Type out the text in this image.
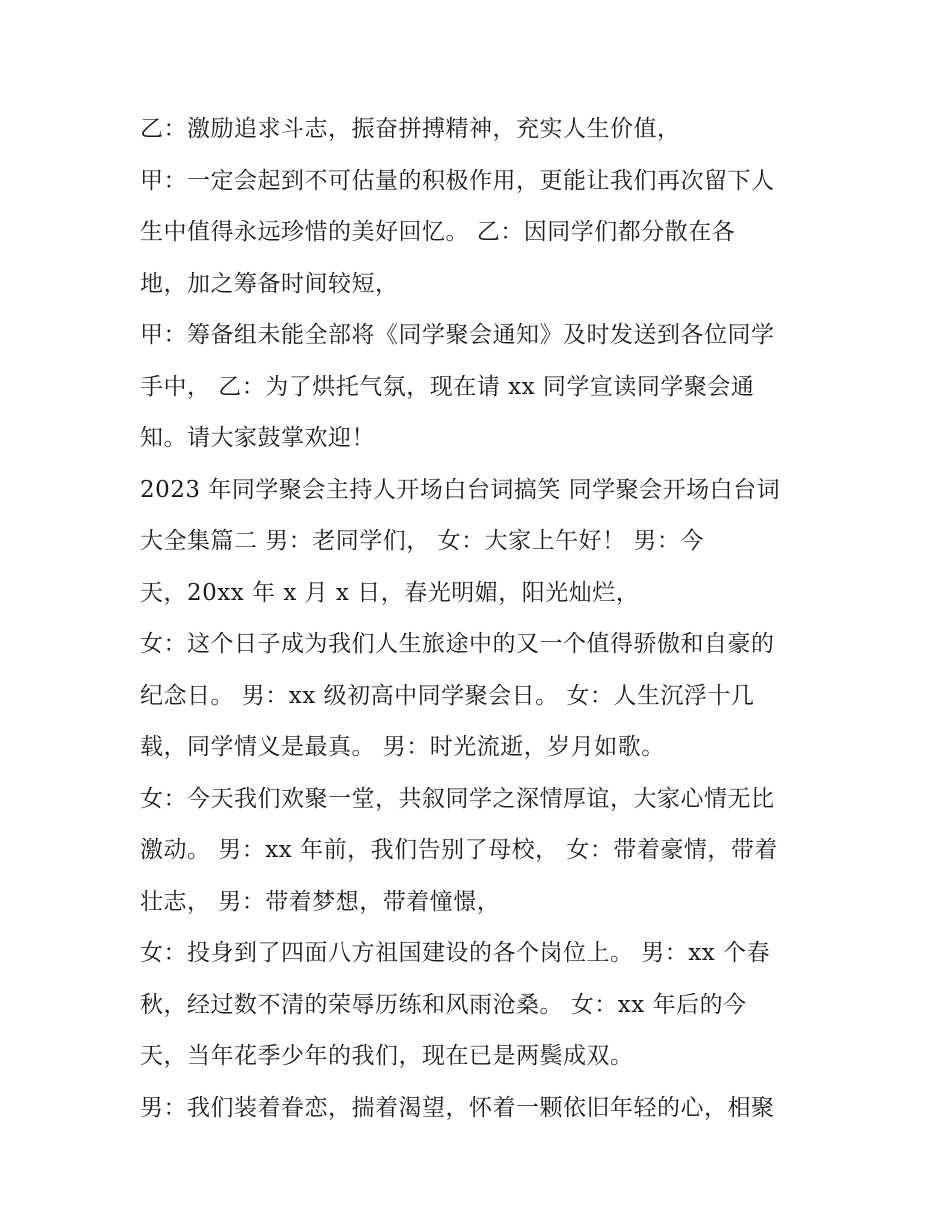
乙：激励追求斗志，振奋拼搏精神，充实人生价值，
甲：一定会起到不可估量的积极作用，更能让我们再次留下人
生中值得永远珍惜的美好回忆。 乙：因同学们都分散在各
地，加之筹备时间较短，
甲：筹备组未能全部将《同学聚会通知》及时发送到各位同学
手中， 乙：为了烘托气氛，现在请 xx 同学宣读同学聚会通
知。请大家鼓掌欢迎！
2023 年同学聚会主持人开场白台词搞笑 同学聚会开场白台词
大全集篇二 男：老同学们， 女：大家上午好！ 男：今
天，20xx 年 x 月 x 日，春光明媚，阳光灿烂，
女：这个日子成为我们人生旅途中的又一个值得骄傲和自豪的
纪念日。 男：xx 级初高中同学聚会日。 女：人生沉浮十几
载，同学情义是最真。 男：时光流逝，岁月如歌。
女：今天我们欢聚一堂，共叙同学之深情厚谊，大家心情无比
激动。 男：xx 年前，我们告别了母校， 女：带着豪情，带着
壮志， 男：带着梦想，带着憧憬，
女：投身到了四面八方祖国建设的各个岗位上。 男：xx 个春
秋，经过数不清的荣辱历练和风雨沧桑。 女：xx 年后的今
天，当年花季少年的我们，现在已是两鬓成双。
男：我们装着眷恋，揣着渴望，怀着一颗依旧年轻的心，相聚
